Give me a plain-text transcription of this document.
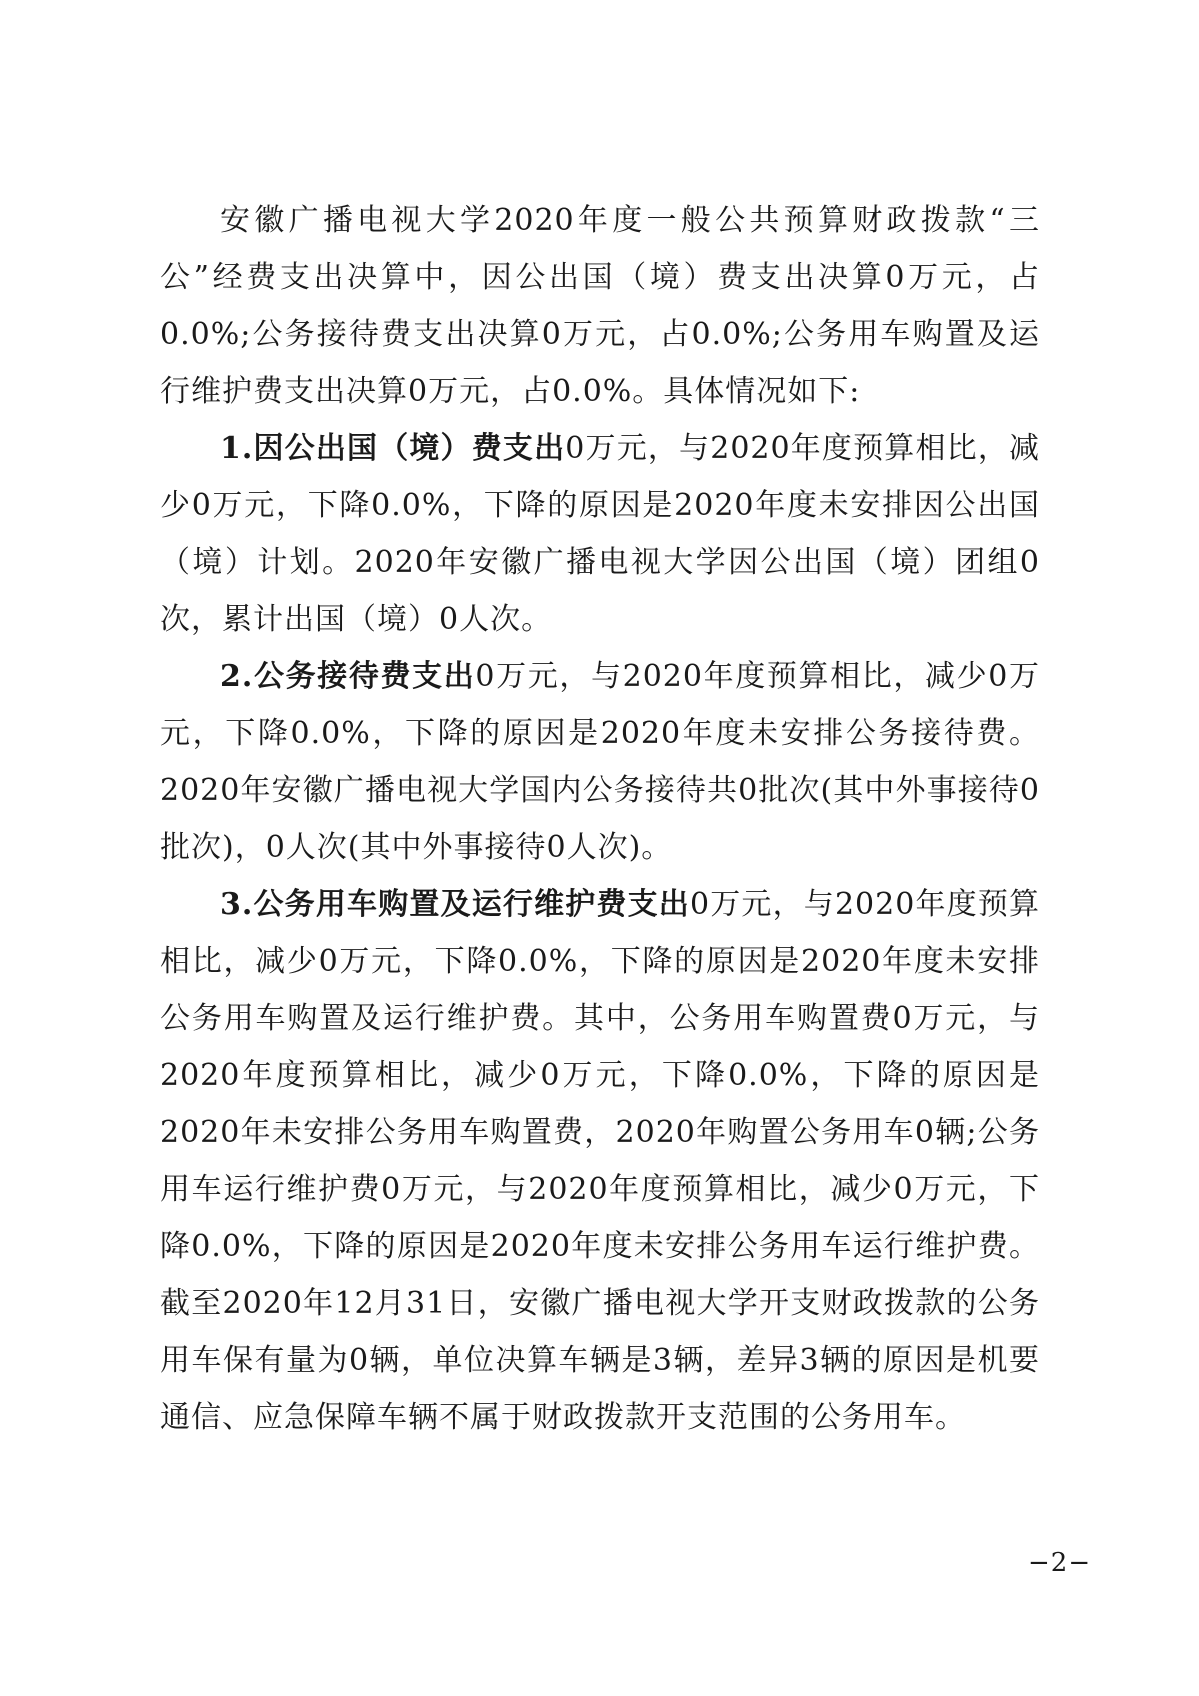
安徽广播电视大学2020年度一般公共预算财政拨款“三公”经费支出决算中，因公出国（境）费支出决算0万元，占0.0%;公务接待费支出决算0万元，占0.0%;公务用车购置及运行维护费支出决算0万元，占0.0%。具体情况如下:

1.因公出国（境）费支出0万元，与2020年度预算相比，减少0万元，下降0.0%，下降的原因是2020年度未安排因公出国（境）计划。2020年安徽广播电视大学因公出国（境）团组0次，累计出国（境）0人次。

2.公务接待费支出0万元，与2020年度预算相比，减少0万元，下降0.0%，下降的原因是2020年度未安排公务接待费。2020年安徽广播电视大学国内公务接待共0批次(其中外事接待0批次)，0人次(其中外事接待0人次)。

3.公务用车购置及运行维护费支出0万元，与2020年度预算相比，减少0万元，下降0.0%，下降的原因是2020年度未安排公务用车购置及运行维护费。其中，公务用车购置费0万元，与2020年度预算相比，减少0万元，下降0.0%，下降的原因是2020年未安排公务用车购置费，2020年购置公务用车0辆;公务用车运行维护费0万元，与2020年度预算相比，减少0万元，下降0.0%，下降的原因是2020年度未安排公务用车运行维护费。截至2020年12月31日，安徽广播电视大学开支财政拨款的公务用车保有量为0辆，单位决算车辆是3辆，差异3辆的原因是机要通信、应急保障车辆不属于财政拨款开支范围的公务用车。

−2−
